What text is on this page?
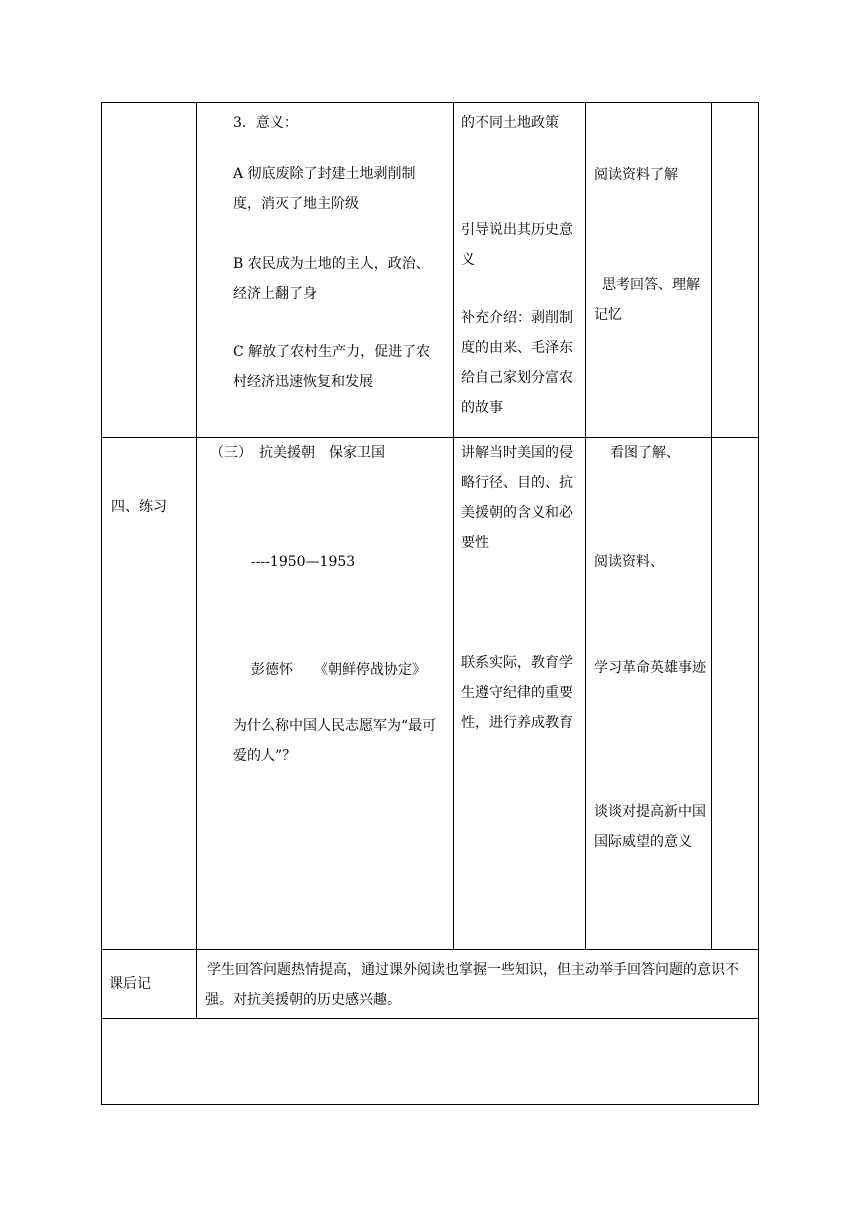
3．意义：
A 彻底废除了封建土地剥削制度，消灭了地主阶级
B 农民成为土地的主人，政治、经济上翻了身
C 解放了农村生产力，促进了农村经济迅速恢复和发展
的不同土地政策
引导说出其历史意义
补充介绍：剥削制度的由来、毛泽东给自己家划分富农的故事
阅读资料了解
思考回答、理解记忆
四、练习
（三）　抗美援朝　保家卫国
----1950—1953
彭德怀　　《朝鲜停战协定》
为什么称中国人民志愿军为“最可爱的人”？
讲解当时美国的侵略行径、目的、抗美援朝的含义和必要性
联系实际，教育学生遵守纪律的重要性，进行养成教育
看图了解、
阅读资料、
学习革命英雄事迹
谈谈对提高新中国国际威望的意义
课后记
学生回答问题热情提高，通过课外阅读也掌握一些知识，但主动举手回答问题的意识不强。对抗美援朝的历史感兴趣。
